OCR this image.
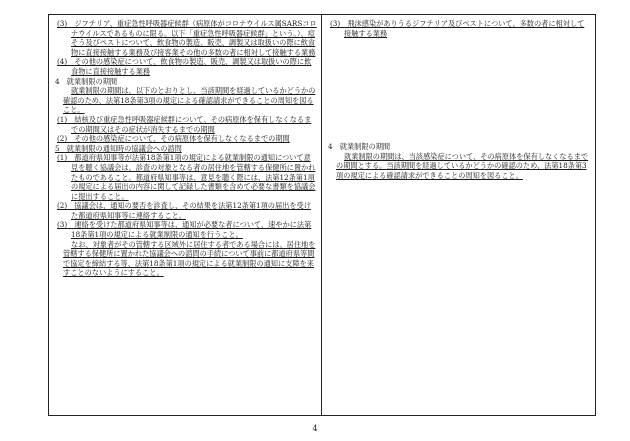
(3)　ジフテリア、重症急性呼吸器症候群（病原体がコロナウイルス属SARSコロナウイルスであるものに限る。以下「重症急性呼吸器症候群」という。）、痘そう及びペストについて、飲食物の製造、販売、調製又は取扱いの際に飲食物に直接接触する業務及び接客業その他の多数の者に相対して接触する業務

(4)　その他の感染症について、飲食物の製造、販売、調製又は取扱いの際に飲食物に直接接触する業務

4　就業制限の期間

就業制限の期間は、以下のとおりとし、当該期間を経過しているかどうかの確認のため、法第18条第3項の規定による確認請求ができることの周知を図ること。

(1)　結核及び重症急性呼吸器症候群について、その病原体を保有しなくなるまでの期間又はその症状が消失するまでの期間

(2)　その他の感染症について、その病原体を保有しなくなるまでの期間

5　就業制限の通知時の協議会への諮問

(1)　都道府県知事等が法第18条第1項の規定による就業制限の通知について意見を聴く協議会は、診査の対象となる者の居住地を管轄する保健所に置かれたものであること。都道府県知事等は、意見を聴く際には、法第12条第1項の規定による届出の内容に関して記録した書類を含めて必要な書類を協議会に提出すること。

(2)　協議会は、通知の要否を診査し、その結果を法第12条第1項の届出を受けた都道府県知事等に連絡すること。

(3)　連絡を受けた都道府県知事等は、通知が必要な者について、速やかに法第18条第1項の規定による就業制限の通知を行うこと。

なお、対象者がその管轄する区域外に居住する者である場合には、居住地を管轄する保健所に置かれた協議会への諮問の手続について事前に都道府県等間で協定を締結する等、法第18条第1項の規定による就業制限の通知に支障を来すことのないようにすること。

(3)　飛沫感染がありうるジフテリア及びペストについて、多数の者に相対して接触する業務

4　就業制限の期間

就業制限の期間は、当該感染症について、その病原体を保有しなくなるまでの期間とする。当該期間を経過しているかどうかの確認のため、法第18条第3項の規定による確認請求ができることの周知を図ること。

4
